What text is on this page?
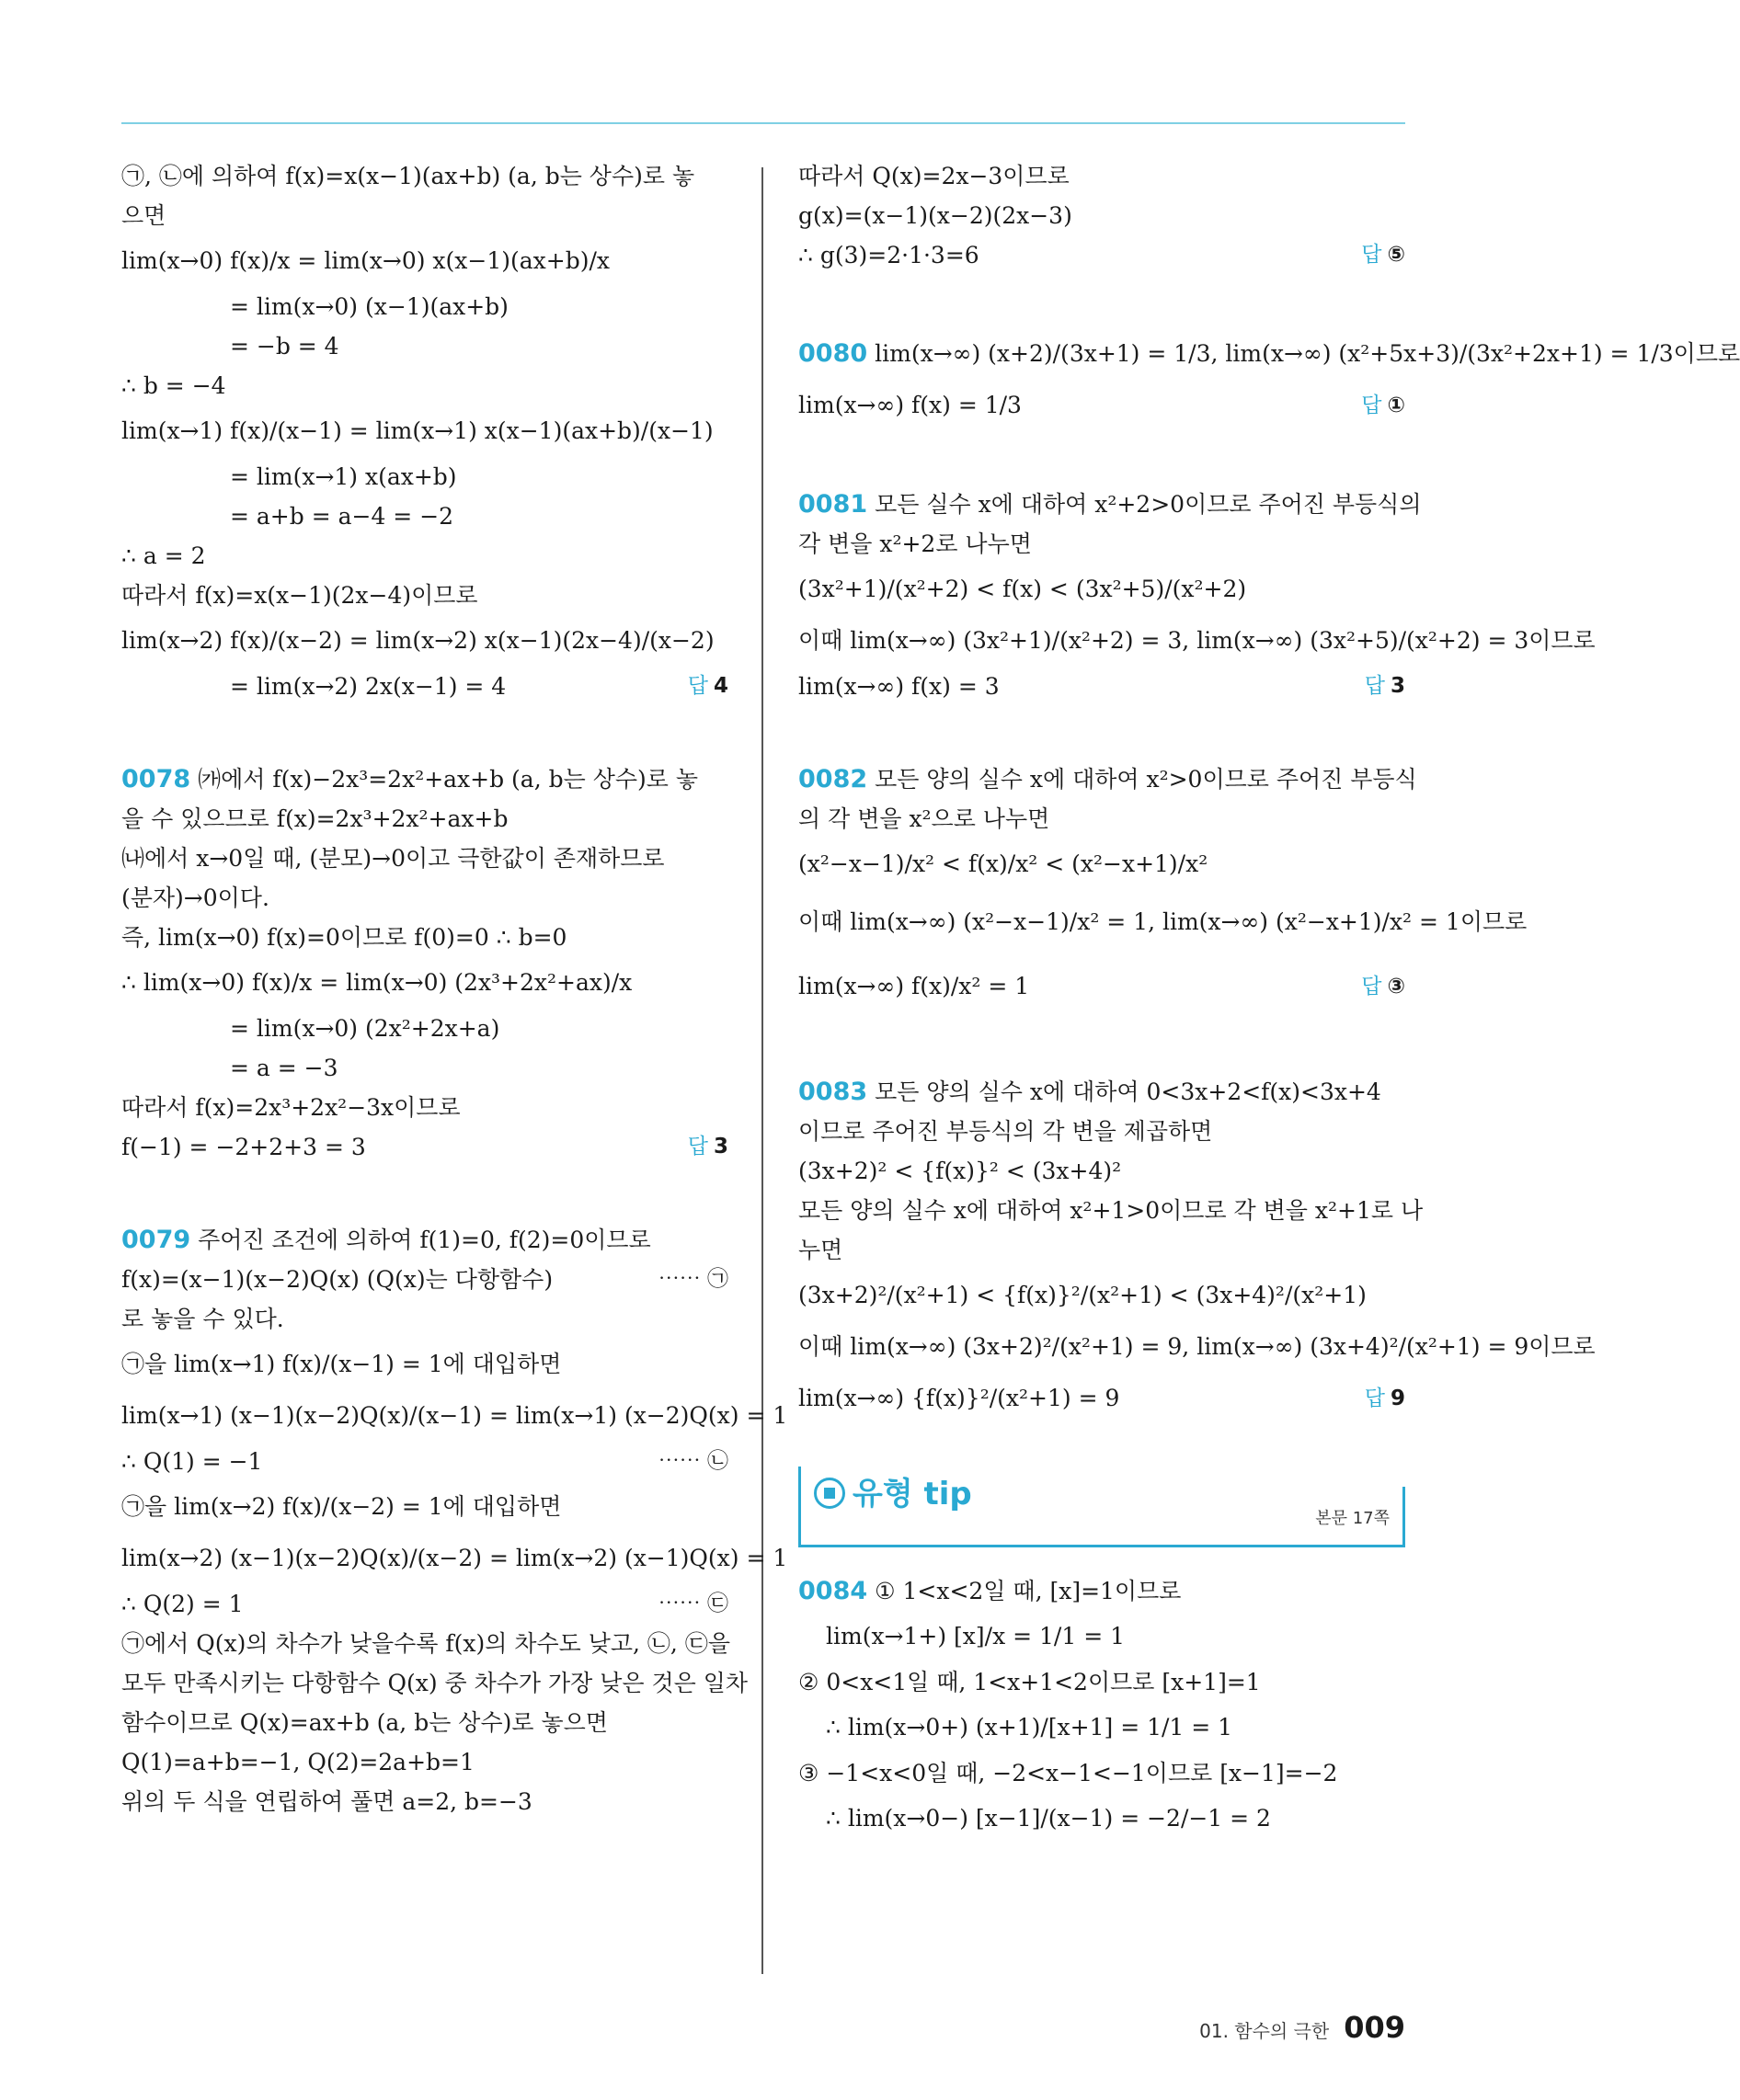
㉠, ㉡에 의하여 f(x)=x(x−1)(ax+b) (a, b는 상수)로 놓
으면
lim(x→0) f(x)/x = lim(x→0) x(x−1)(ax+b)/x
= lim(x→0) (x−1)(ax+b)
= −b = 4
∴ b = −4
lim(x→1) f(x)/(x−1) = lim(x→1) x(x−1)(ax+b)/(x−1)
= lim(x→1) x(ax+b)
= a+b = a−4 = −2
∴ a = 2
따라서 f(x)=x(x−1)(2x−4)이므로
lim(x→2) f(x)/(x−2) = lim(x→2) x(x−1)(2x−4)/(x−2)
= lim(x→2) 2x(x−1) = 4	답 4
0078 ㈎에서 f(x)−2x³=2x²+ax+b (a, b는 상수)로 놓
을 수 있으므로 f(x)=2x³+2x²+ax+b
㈏에서 x→0일 때, (분모)→0이고 극한값이 존재하므로
(분자)→0이다.
즉, lim(x→0) f(x)=0이므로 f(0)=0 ∴ b=0
∴ lim(x→0) f(x)/x = lim(x→0) (2x³+2x²+ax)/x
= lim(x→0) (2x²+2x+a)
= a = −3
따라서 f(x)=2x³+2x²−3x이므로
f(−1) = −2+2+3 = 3	답 3
0079 주어진 조건에 의하여 f(1)=0, f(2)=0이므로
f(x)=(x−1)(x−2)Q(x) (Q(x)는 다항함수)	⋯⋯ ㉠
로 놓을 수 있다.
㉠을 lim(x→1) f(x)/(x−1) = 1에 대입하면
lim(x→1) (x−1)(x−2)Q(x)/(x−1) = lim(x→1) (x−2)Q(x) = 1
∴ Q(1) = −1	⋯⋯ ㉡
㉠을 lim(x→2) f(x)/(x−2) = 1에 대입하면
lim(x→2) (x−1)(x−2)Q(x)/(x−2) = lim(x→2) (x−1)Q(x) = 1
∴ Q(2) = 1	⋯⋯ ㉢
㉠에서 Q(x)의 차수가 낮을수록 f(x)의 차수도 낮고, ㉡, ㉢을
모두 만족시키는 다항함수 Q(x) 중 차수가 가장 낮은 것은 일차
함수이므로 Q(x)=ax+b (a, b는 상수)로 놓으면
Q(1)=a+b=−1, Q(2)=2a+b=1
위의 두 식을 연립하여 풀면 a=2, b=−3
따라서 Q(x)=2x−3이므로
g(x)=(x−1)(x−2)(2x−3)
∴ g(3)=2·1·3=6	답 ⑤
0080 lim(x→∞) (x+2)/(3x+1) = 1/3, lim(x→∞) (x²+5x+3)/(3x²+2x+1) = 1/3이므로
lim(x→∞) f(x) = 1/3	답 ①
0081 모든 실수 x에 대하여 x²+2>0이므로 주어진 부등식의
각 변을 x²+2로 나누면
(3x²+1)/(x²+2) < f(x) < (3x²+5)/(x²+2)
이때 lim(x→∞) (3x²+1)/(x²+2) = 3, lim(x→∞) (3x²+5)/(x²+2) = 3이므로
lim(x→∞) f(x) = 3	답 3
0082 모든 양의 실수 x에 대하여 x²>0이므로 주어진 부등식
의 각 변을 x²으로 나누면
(x²−x−1)/x² < f(x)/x² < (x²−x+1)/x²
이때 lim(x→∞) (x²−x−1)/x² = 1, lim(x→∞) (x²−x+1)/x² = 1이므로
lim(x→∞) f(x)/x² = 1	답 ③
0083 모든 양의 실수 x에 대하여 0<3x+2<f(x)<3x+4
이므로 주어진 부등식의 각 변을 제곱하면
(3x+2)² < {f(x)}² < (3x+4)²
모든 양의 실수 x에 대하여 x²+1>0이므로 각 변을 x²+1로 나
누면
(3x+2)²/(x²+1) < {f(x)}²/(x²+1) < (3x+4)²/(x²+1)
이때 lim(x→∞) (3x+2)²/(x²+1) = 9, lim(x→∞) (3x+4)²/(x²+1) = 9이므로
lim(x→∞) {f(x)}²/(x²+1) = 9	답 9
유형 tip
본문 17쪽
0084 ① 1<x<2일 때, [x]=1이므로
lim(x→1+) [x]/x = 1/1 = 1
② 0<x<1일 때, 1<x+1<2이므로 [x+1]=1
∴ lim(x→0+) (x+1)/[x+1] = 1/1 = 1
③ −1<x<0일 때, −2<x−1<−1이므로 [x−1]=−2
∴ lim(x→0−) [x−1]/(x−1) = −2/−1 = 2
01. 함수의 극한 009
